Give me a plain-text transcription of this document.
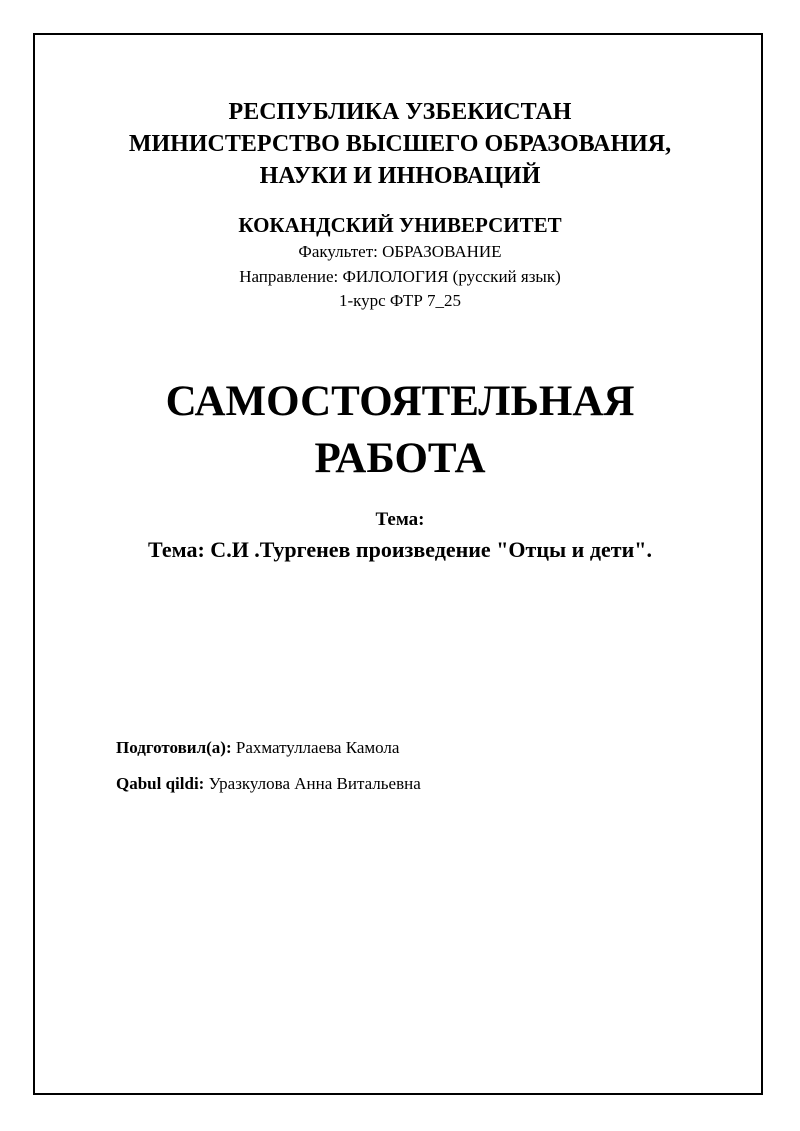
РЕСПУБЛИКА УЗБЕКИСТАН
МИНИСТЕРСТВО ВЫСШЕГО ОБРАЗОВАНИЯ,
НАУКИ И ИННОВАЦИЙ
КОКАНДСКИЙ УНИВЕРСИТЕТ
Факультет: ОБРАЗОВАНИЕ
Направление: ФИЛОЛОГИЯ (русский язык)
1-курс ФТР 7_25
САМОСТОЯТЕЛЬНАЯ
РАБОТА
Тема:
Тема: С.И .Тургенев произведение "Отцы и дети".
Подготовил(а): Рахматуллаева Камола
Qabul qildi: Уразкулова Анна Витальевна
